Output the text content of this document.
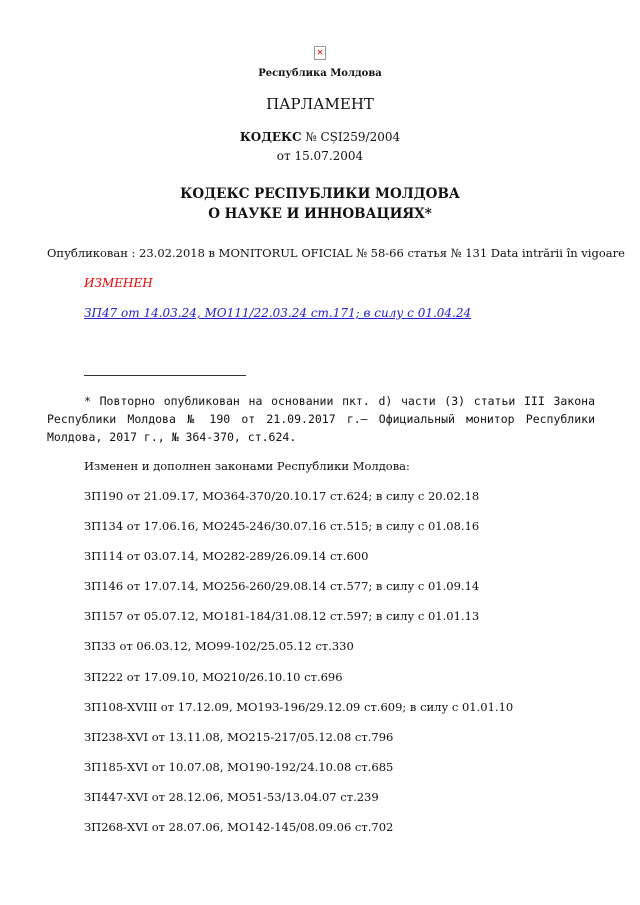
×
Республика Молдова
ПАРЛАМЕНТ
КОДЕКС № CȘI259/2004
от 15.07.2004
КОДЕКС РЕСПУБЛИКИ МОЛДОВА
О НАУКЕ И ИННОВАЦИЯХ*
Опубликован : 23.02.2018 в MONITORUL OFICIAL № 58-66 статья № 131 Data intrării în vigoare
ИЗМЕНЕН
ЗП47 от 14.03.24, MO111/22.03.24 ст.171; в силу с 01.04.24
* Повторно опубликован на основании пкт. d) части (3) статьи III Закона Республики Молдова № 190 от 21.09.2017 г.– Официальный монитор Республики Молдова, 2017 г., № 364-370, ст.624.
Изменен и дополнен законами Республики Молдова:
ЗП190 от 21.09.17, MO364-370/20.10.17 ст.624; в силу с 20.02.18
ЗП134 от 17.06.16, MO245-246/30.07.16 ст.515; в силу с 01.08.16
ЗП114 от 03.07.14, MO282-289/26.09.14 ст.600
ЗП146 от 17.07.14, MO256-260/29.08.14 ст.577; в силу с 01.09.14
ЗП157 от 05.07.12, MO181-184/31.08.12 ст.597; в силу с 01.01.13
ЗП33 от 06.03.12, MO99-102/25.05.12 ст.330
ЗП222 от 17.09.10, MO210/26.10.10 ст.696
ЗП108-XVIII от 17.12.09, MO193-196/29.12.09 ст.609; в силу с 01.01.10
ЗП238-XVI от 13.11.08, MO215-217/05.12.08 ст.796
ЗП185-XVI от 10.07.08, MO190-192/24.10.08 ст.685
ЗП447-XVI от 28.12.06, MO51-53/13.04.07 ст.239
ЗП268-XVI от 28.07.06, MO142-145/08.09.06 ст.702
